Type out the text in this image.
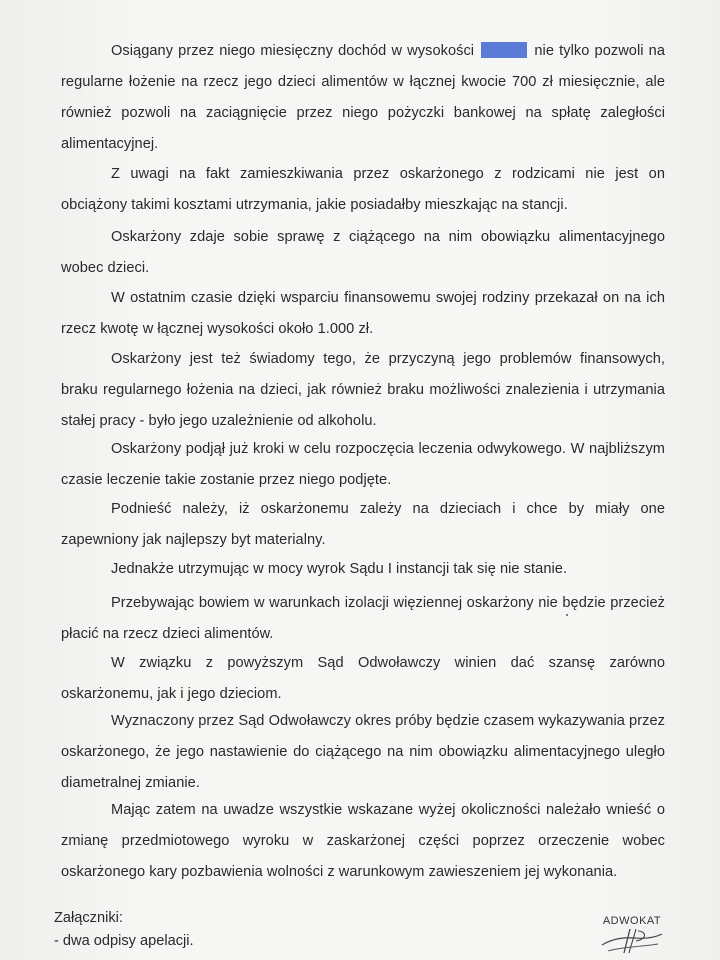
Osiągany przez niego miesięczny dochód w wysokości	nie tylko pozwoli na regularne łożenie na rzecz jego dzieci alimentów w łącznej kwocie 700 zł miesięcznie, ale również pozwoli na zaciągnięcie przez niego pożyczki bankowej na spłatę zaległości alimentacyjnej.

Z uwagi na fakt zamieszkiwania przez oskarżonego z rodzicami nie jest on obciążony takimi kosztami utrzymania, jakie posiadałby mieszkając na stancji.

Oskarżony zdaje sobie sprawę z ciążącego na nim obowiązku alimentacyjnego wobec dzieci.

W ostatnim czasie dzięki wsparciu finansowemu swojej rodziny przekazał on na ich rzecz kwotę w łącznej wysokości około 1.000 zł.

Oskarżony jest też świadomy tego, że przyczyną jego problemów finansowych, braku regularnego łożenia na dzieci, jak również braku możliwości znalezienia i utrzymania stałej pracy - było jego uzależnienie od alkoholu.

Oskarżony podjął już kroki w celu rozpoczęcia leczenia odwykowego. W najbliższym czasie leczenie takie zostanie przez niego podjęte.

Podnieść należy, iż oskarżonemu zależy na dzieciach i chce by miały one zapewniony jak najlepszy byt materialny.

Jednakże utrzymując w mocy wyrok Sądu I instancji tak się nie stanie.

Przebywając bowiem w warunkach izolacji więziennej oskarżony nie będzie przecież płacić na rzecz dzieci alimentów.

W związku z powyższym Sąd Odwoławczy winien dać szansę zarówno oskarżonemu, jak i jego dzieciom.

Wyznaczony przez Sąd Odwoławczy okres próby będzie czasem wykazywania przez oskarżonego, że jego nastawienie do ciążącego na nim obowiązku alimentacyjnego uległo diametralnej zmianie.

Mając zatem na uwadze wszystkie wskazane wyżej okoliczności należało wnieść o zmianę przedmiotowego wyroku w zaskarżonej części poprzez orzeczenie wobec oskarżonego kary pozbawienia wolności z warunkowym zawieszeniem jej wykonania.

Załączniki:
- dwa odpisy apelacji.
ADWOKAT
